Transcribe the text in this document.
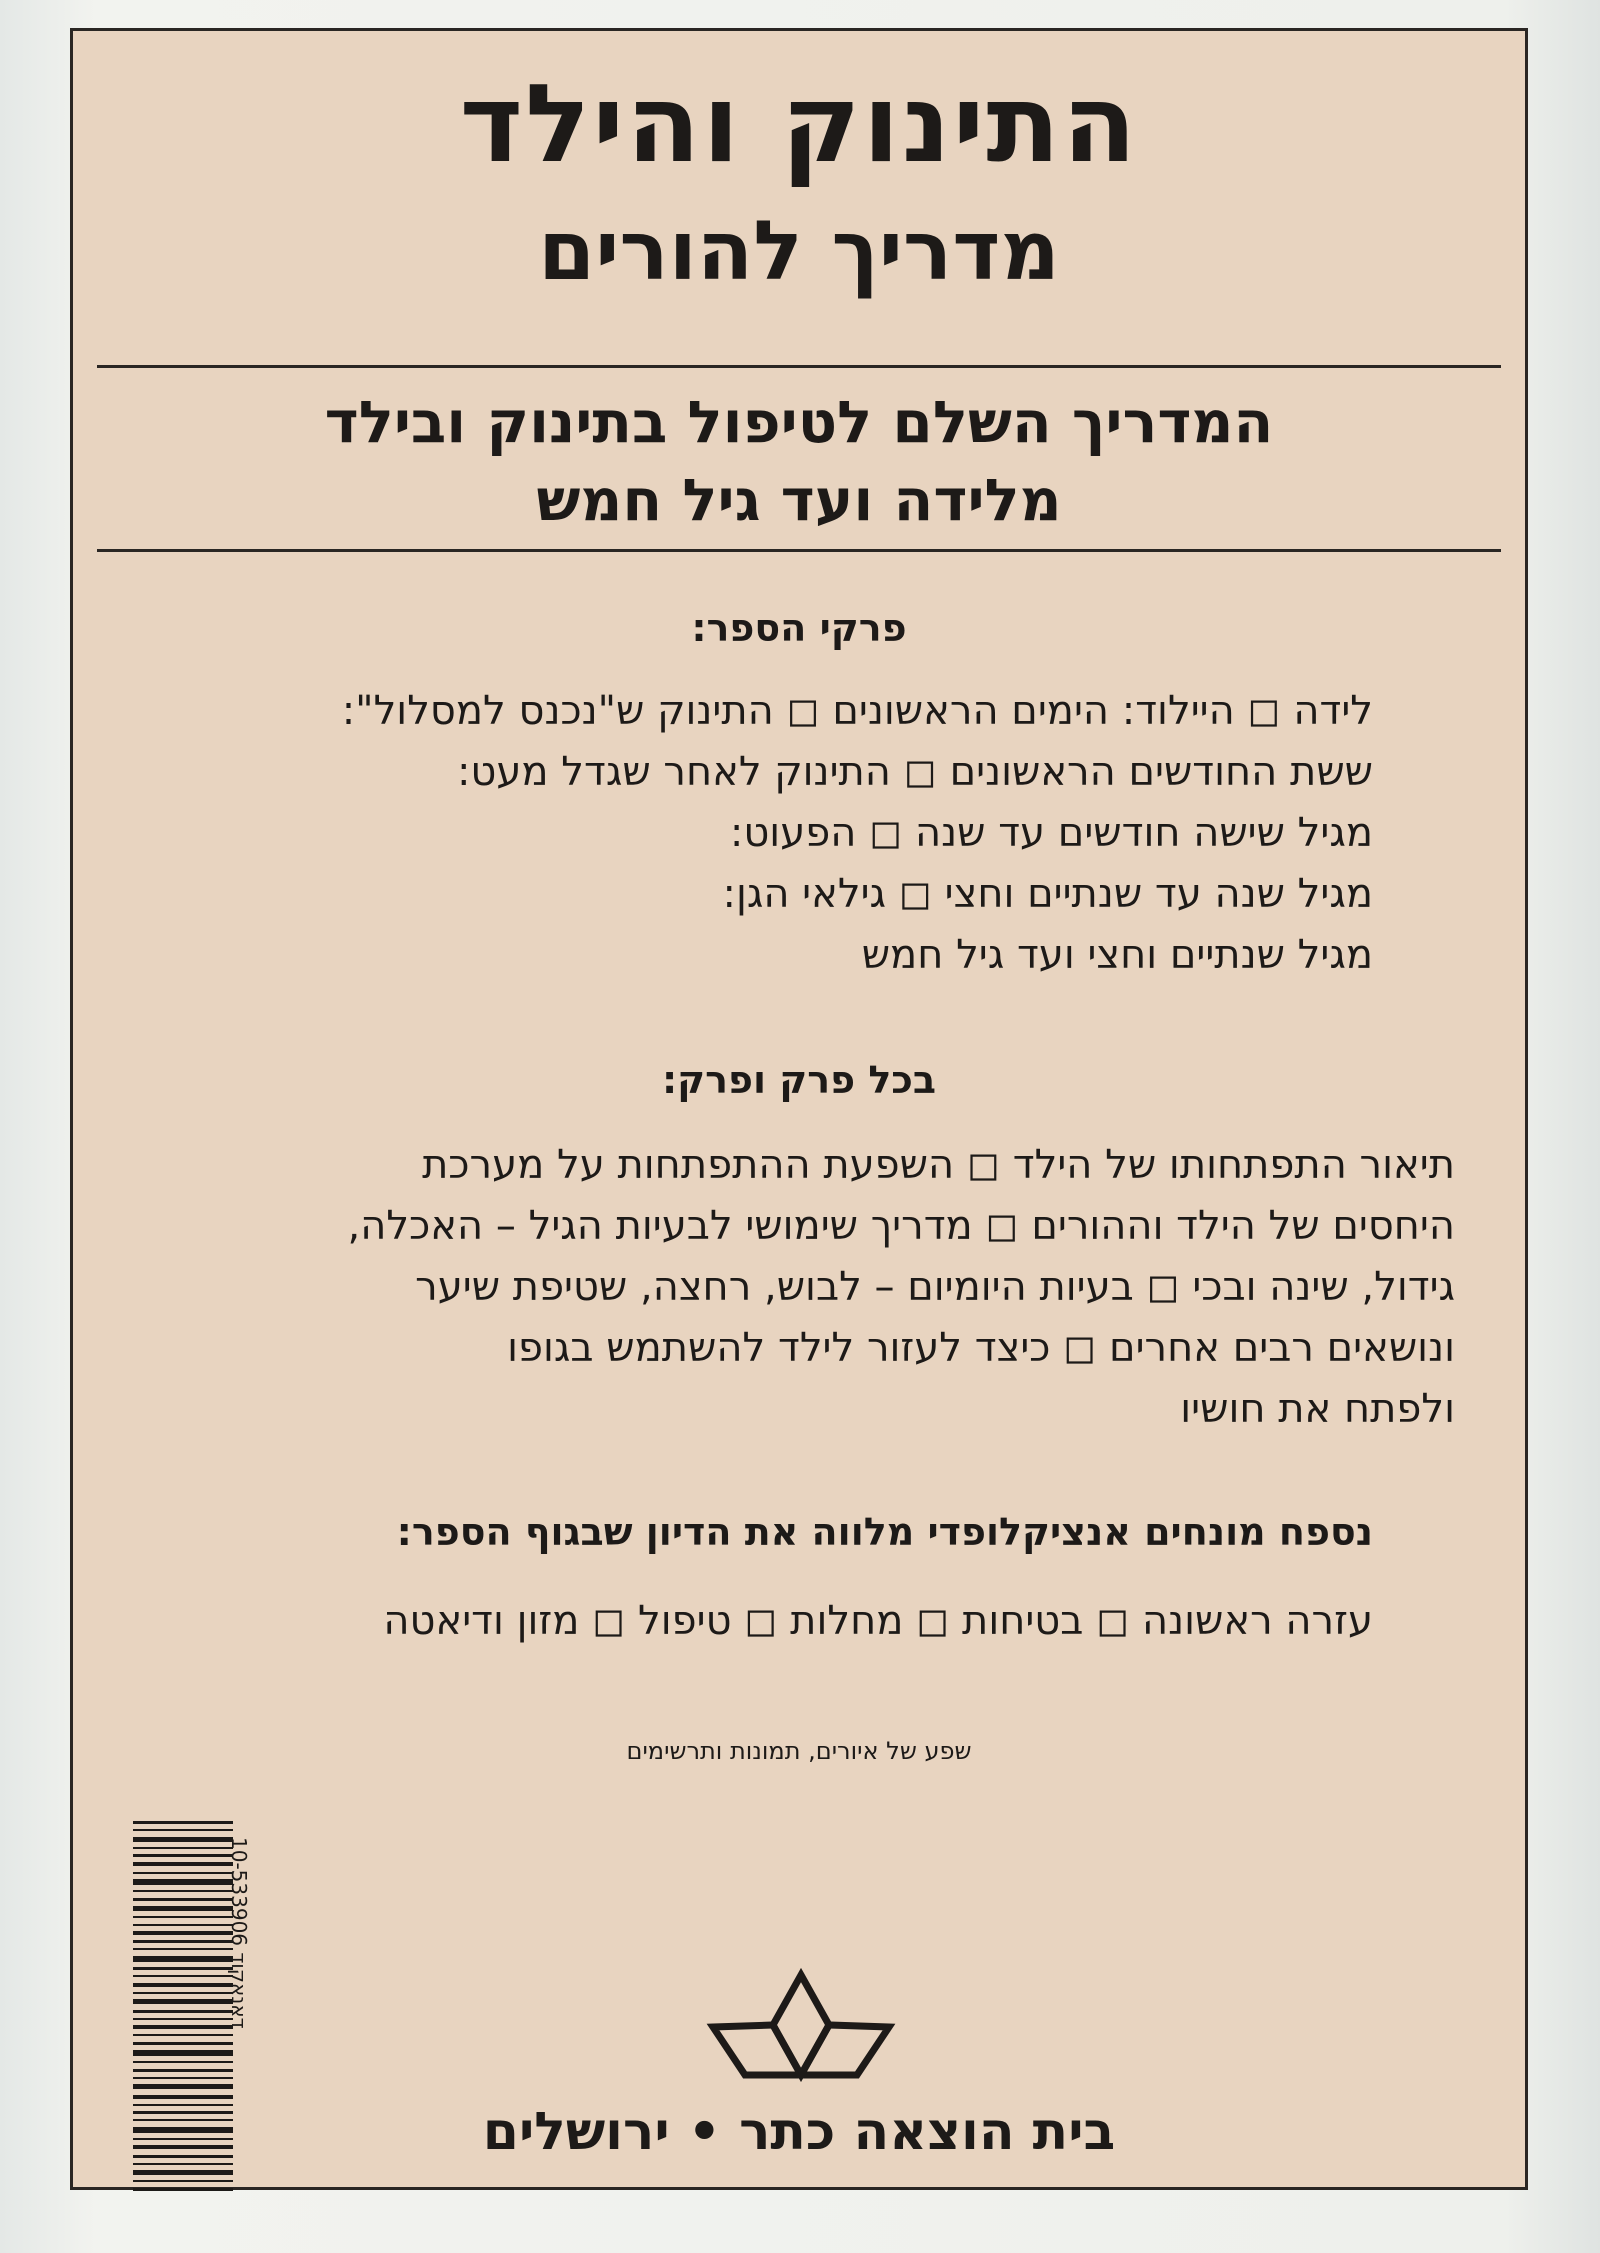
התינוק והילד
מדריך להורים
המדריך השלם לטיפול בתינוק ובילד
מלידה ועד גיל חמש
פרקי הספר:
לידה ◻ היילוד: הימים הראשונים ◻ התינוק ש"נכנס למסלול":
ששת החודשים הראשונים ◻ התינוק לאחר שגדל מעט:
מגיל שישה חודשים עד שנה ◻ הפעוט:
מגיל שנה עד שנתיים וחצי ◻ גילאי הגן:
מגיל שנתיים וחצי ועד גיל חמש
בכל פרק ופרק:
תיאור התפתחותו של הילד ◻ השפעת ההתפתחות על מערכת
היחסים של הילד וההורים ◻ מדריך שימושי לבעיות הגיל – האכלה,
גידול, שינה ובכי ◻ בעיות היומיום – לבוש, רחצה, שטיפת שיער
ונושאים רבים אחרים ◻ כיצד לעזור לילד להשתמש בגופו
ולפתח את חושיו
נספח מונחים אנציקלופדי מלווה את הדיון שבגוף הספר:
עזרה ראשונה ◻ בטיחות ◻ מחלות ◻ טיפול ◻ מזון ודיאטה
שפע של איורים, תמונות ותרשימים
דאנאקוד 10-533906
בית הוצאה כתר • ירושלים
